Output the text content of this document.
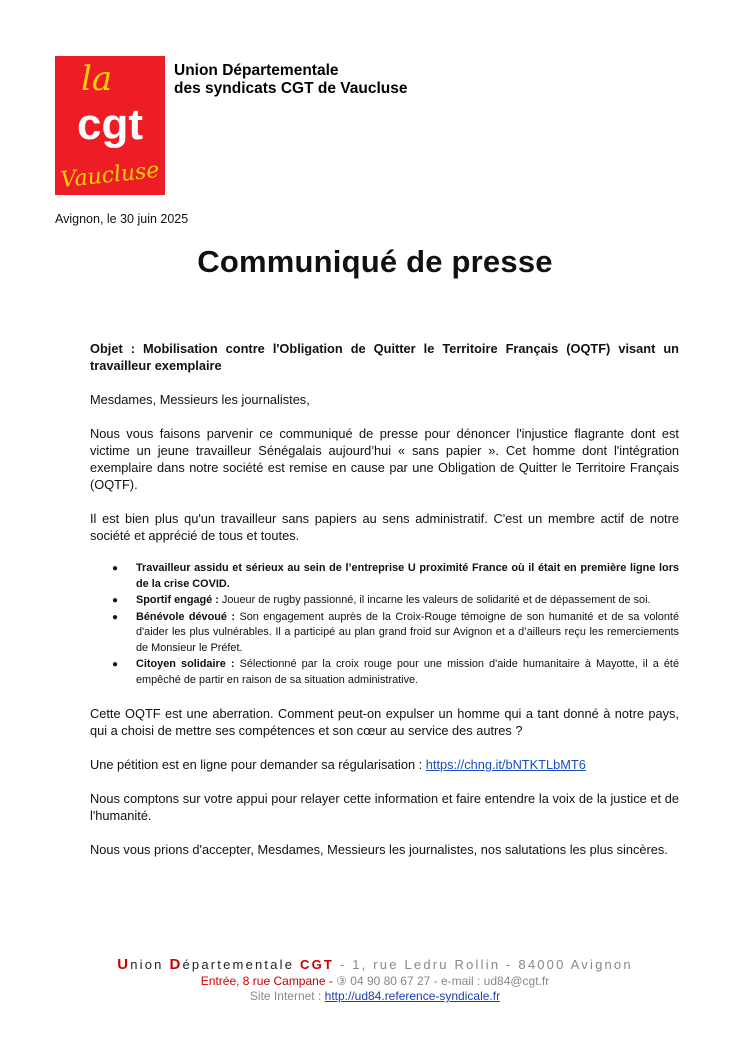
la
cgt
Vaucluse
Union Départementale
des syndicats CGT de Vaucluse
Avignon, le 30 juin 2025
Communiqué de presse

Objet : Mobilisation contre l'Obligation de Quitter le Territoire Français (OQTF) visant un travailleur exemplaire

Mesdames, Messieurs les journalistes,

Nous vous faisons parvenir ce communiqué de presse pour dénoncer l'injustice flagrante dont est victime un jeune travailleur Sénégalais aujourd’hui « sans papier ». Cet homme dont l'intégration exemplaire dans notre société est remise en cause par une Obligation de Quitter le Territoire Français (OQTF).

Il est bien plus qu'un travailleur sans papiers au sens administratif. C'est un membre actif de notre société et apprécié de tous et toutes.

● Travailleur assidu et sérieux au sein de l’entreprise U proximité France où il était en première ligne lors de la crise COVID.
● Sportif engagé : Joueur de rugby passionné, il incarne les valeurs de solidarité et de dépassement de soi.
● Bénévole dévoué : Son engagement auprès de la Croix-Rouge témoigne de son humanité et de sa volonté d'aider les plus vulnérables. Il a participé au plan grand froid sur Avignon et a d’ailleurs reçu les remerciements de Monsieur le Préfet.
● Citoyen solidaire : Sélectionné par la croix rouge pour une mission d'aide humanitaire à Mayotte, il a été empêché de partir en raison de sa situation administrative.

Cette OQTF est une aberration. Comment peut-on expulser un homme qui a tant donné à notre pays, qui a choisi de mettre ses compétences et son cœur au service des autres ?

Une pétition est en ligne pour demander sa régularisation : https://chng.it/bNTKTLbMT6

Nous comptons sur votre appui pour relayer cette information et faire entendre la voix de la justice et de l'humanité.

Nous vous prions d'accepter, Mesdames, Messieurs les journalistes, nos salutations les plus sincères.

Union Départementale CGT - 1, rue Ledru Rollin - 84000 Avignon
Entrée, 8 rue Campane - ③ 04 90 80 67 27 - e-mail : ud84@cgt.fr
Site Internet : http://ud84.reference-syndicale.fr
